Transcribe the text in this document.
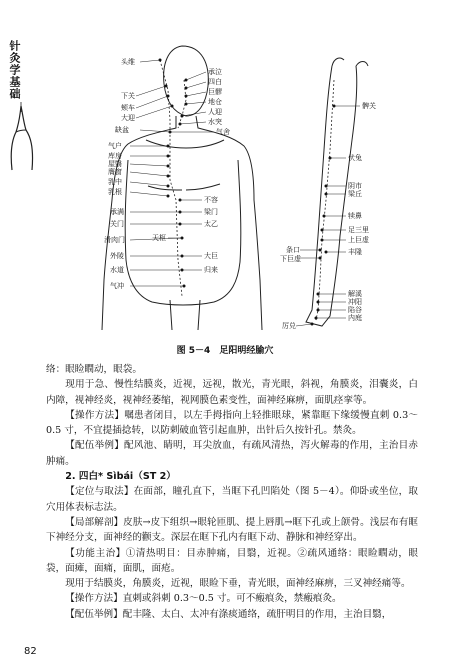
针灸学基础	头维
下关
颊车
大迎
缺盆
气户
库房
屋翳
膺窗
乳中
乳根
承满
关门
滑肉门
外陵
水道
气冲
承泣
四白
巨髎
地仓
人迎
水突
气舍
不容
梁门
太乙
天枢
大巨
归来
髀关
伏兔
阴市
梁丘
犊鼻
足三里
上巨虚
条口
下巨虚
丰隆
解溪
冲阳
陷谷
内庭
厉兑
图 5－4　足阳明经腧穴

络：眼睑瞤动，眼袋。

现用于急、慢性结膜炎，近视，远视，散光，青光眼，斜视，角膜炎，泪囊炎，白内障，视神经炎，视神经萎缩，视网膜色素变性，面神经麻痹，面肌痉挛等。

【操作方法】嘱患者闭目，以左手拇指向上轻推眼球，紧靠眶下缘缓慢直刺 0.3～0.5 寸，不宜提插捻转，以防刺破血管引起血肿，出针后久按针孔。禁灸。

【配伍举例】配风池、睛明，耳尖放血，有疏风清热，泻火解毒的作用，主治目赤肿痛。

2. 四白* Sìbái（ST 2）

【定位与取法】在面部，瞳孔直下，当眶下孔凹陷处（图 5－4）。仰卧或坐位，取穴用体表标志法。

【局部解剖】皮肤→皮下组织→眼轮匝肌、提上唇肌→眶下孔或上颌骨。浅层布有眶下神经分支，面神经的颧支。深层在眶下孔内有眶下动、静脉和神经穿出。

【功能主治】①清热明目：目赤肿痛，目翳，近视。②疏风通络：眼睑瞤动，眼袋，面瘫，面痛，面肌，面疮。

现用于结膜炎，角膜炎，近视，眼睑下垂，青光眼，面神经麻痹，三叉神经痛等。

【操作方法】直刺或斜刺 0.3～0.5 寸。可不瘢痕灸，禁瘢痕灸。

【配伍举例】配丰隆、太白、太冲有涤痰通络，疏肝明目的作用，主治目翳，

82
